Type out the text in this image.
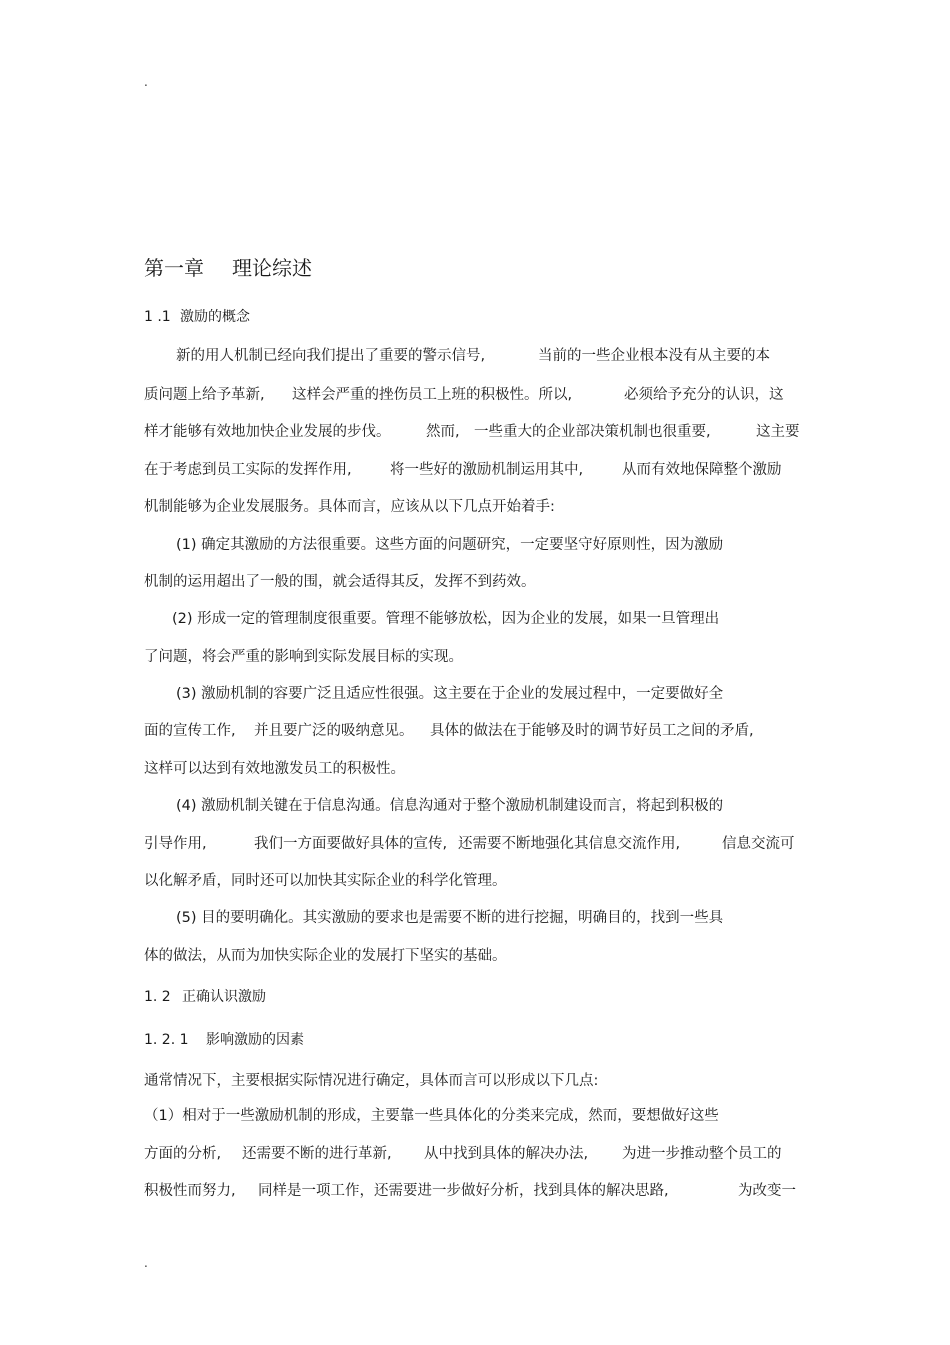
.
第一章 理论综述
1 .1 激励的概念
新的用人机制已经向我们提出了重要的警示信号,	当前的一些企业根本没有从主要的本
质问题上给予革新, 这样会严重的挫伤员工上班的积极性。所以,	必须给予充分的认识，这
样才能够有效地加快企业发展的步伐。 然而, 一些重大的企业部决策机制也很重要,	这主要
在于考虑到员工实际的发挥作用,	将一些好的激励机制运用其中,	从而有效地保障整个激励
机制能够为企业发展服务。具体而言，应该从以下几点开始着手:
(1) 确定其激励的方法很重要。这些方面的问题研究，一定要坚守好原则性，因为激励
机制的运用超出了一般的围，就会适得其反，发挥不到药效。
(2) 形成一定的管理制度很重要。管理不能够放松，因为企业的发展，如果一旦管理出
了问题，将会严重的影响到实际发展目标的实现。
(3) 激励机制的容要广泛且适应性很强。这主要在于企业的发展过程中，一定要做好全
面的宣传工作, 并且要广泛的吸纳意见。 具体的做法在于能够及时的调节好员工之间的矛盾,
这样可以达到有效地激发员工的积极性。
(4) 激励机制关键在于信息沟通。信息沟通对于整个激励机制建设而言，将起到积极的
引导作用,	我们一方面要做好具体的宣传, 还需要不断地强化其信息交流作用,	信息交流可
以化解矛盾，同时还可以加快其实际企业的科学化管理。
(5) 目的要明确化。其实激励的要求也是需要不断的进行挖掘，明确目的，找到一些具
体的做法，从而为加快实际企业的发展打下坚实的基础。
1. 2 正确认识激励
1. 2. 1 影响激励的因素
通常情况下，主要根据实际情况进行确定，具体而言可以形成以下几点:
（1）相对于一些激励机制的形成，主要靠一些具体化的分类来完成，然而，要想做好这些
方面的分析, 还需要不断的进行革新, 从中找到具体的解决办法, 为进一步推动整个员工的
积极性而努力, 同样是一项工作，还需要进一步做好分析，找到具体的解决思路,	为改变一
.
